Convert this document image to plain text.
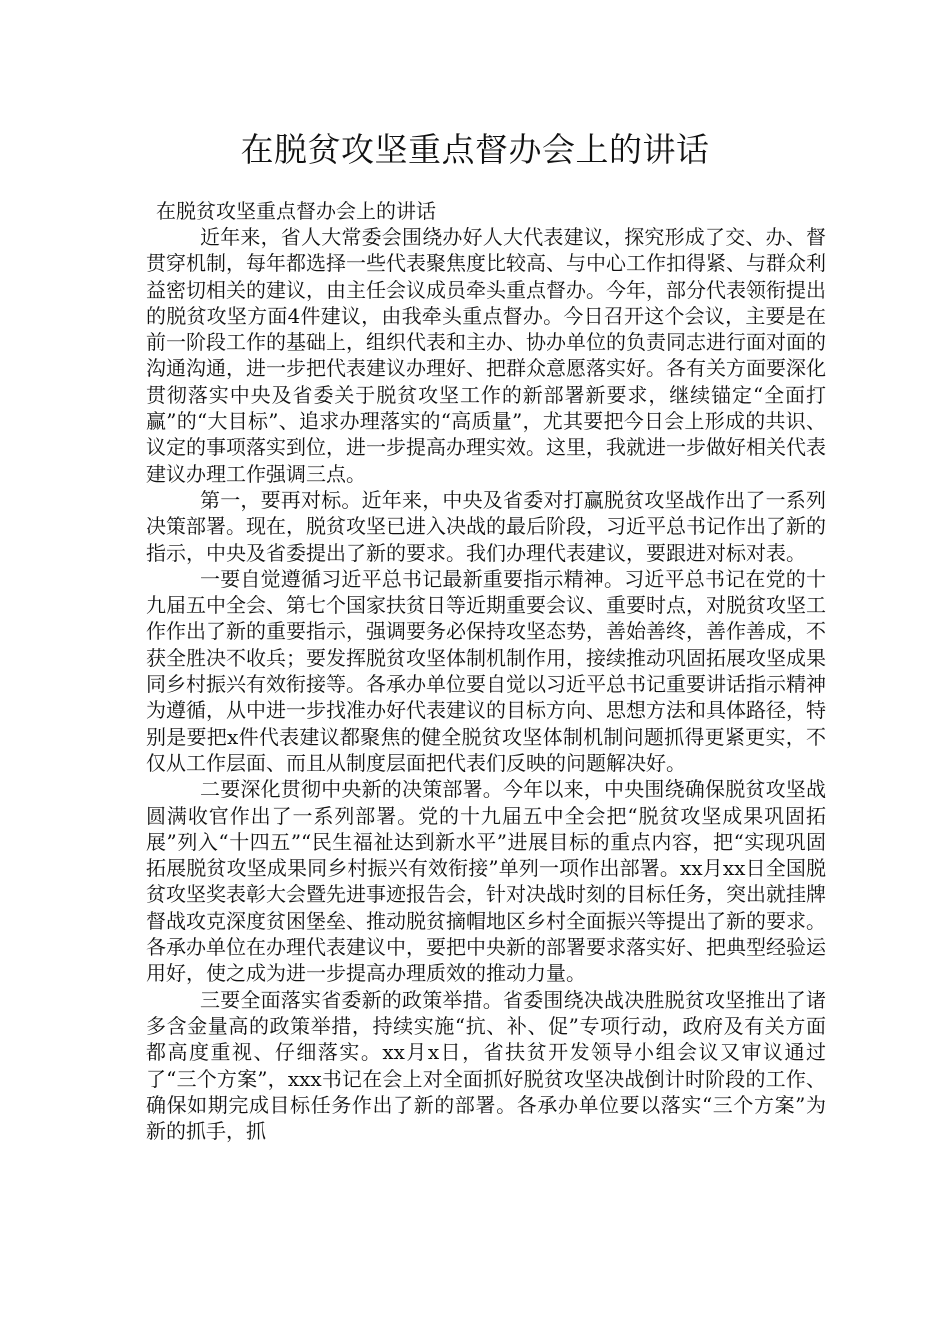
在脱贫攻坚重点督办会上的讲话

在脱贫攻坚重点督办会上的讲话

近年来，省人大常委会围绕办好人大代表建议，探究形成了交、办、督贯穿机制，每年都选择一些代表聚焦度比较高、与中心工作扣得紧、与群众利益密切相关的建议，由主任会议成员牵头重点督办。今年，部分代表领衔提出的脱贫攻坚方面4件建议，由我牵头重点督办。今日召开这个会议，主要是在前一阶段工作的基础上，组织代表和主办、协办单位的负责同志进行面对面的沟通沟通，进一步把代表建议办理好、把群众意愿落实好。各有关方面要深化贯彻落实中央及省委关于脱贫攻坚工作的新部署新要求，继续锚定“全面打赢”的“大目标”、追求办理落实的“高质量”，尤其要把今日会上形成的共识、议定的事项落实到位，进一步提高办理实效。这里，我就进一步做好相关代表建议办理工作强调三点。

第一，要再对标。近年来，中央及省委对打赢脱贫攻坚战作出了一系列决策部署。现在，脱贫攻坚已进入决战的最后阶段，习近平总书记作出了新的指示，中央及省委提出了新的要求。我们办理代表建议，要跟进对标对表。

一要自觉遵循习近平总书记最新重要指示精神。习近平总书记在党的十九届五中全会、第七个国家扶贫日等近期重要会议、重要时点，对脱贫攻坚工作作出了新的重要指示，强调要务必保持攻坚态势，善始善终，善作善成，不获全胜决不收兵；要发挥脱贫攻坚体制机制作用，接续推动巩固拓展攻坚成果同乡村振兴有效衔接等。各承办单位要自觉以习近平总书记重要讲话指示精神为遵循，从中进一步找准办好代表建议的目标方向、思想方法和具体路径，特别是要把x件代表建议都聚焦的健全脱贫攻坚体制机制问题抓得更紧更实，不仅从工作层面、而且从制度层面把代表们反映的问题解决好。

二要深化贯彻中央新的决策部署。今年以来，中央围绕确保脱贫攻坚战圆满收官作出了一系列部署。党的十九届五中全会把“脱贫攻坚成果巩固拓展”列入“十四五”“民生福祉达到新水平”进展目标的重点内容，把“实现巩固拓展脱贫攻坚成果同乡村振兴有效衔接”单列一项作出部署。xx月xx日全国脱贫攻坚奖表彰大会暨先进事迹报告会，针对决战时刻的目标任务，突出就挂牌督战攻克深度贫困堡垒、推动脱贫摘帽地区乡村全面振兴等提出了新的要求。各承办单位在办理代表建议中，要把中央新的部署要求落实好、把典型经验运用好，使之成为进一步提高办理质效的推动力量。

三要全面落实省委新的政策举措。省委围绕决战决胜脱贫攻坚推出了诸多含金量高的政策举措，持续实施“抗、补、促”专项行动，政府及有关方面都高度重视、仔细落实。xx月x日，省扶贫开发领导小组会议又审议通过了“三个方案”，xxx书记在会上对全面抓好脱贫攻坚决战倒计时阶段的工作、确保如期完成目标任务作出了新的部署。各承办单位要以落实“三个方案”为新的抓手，抓
